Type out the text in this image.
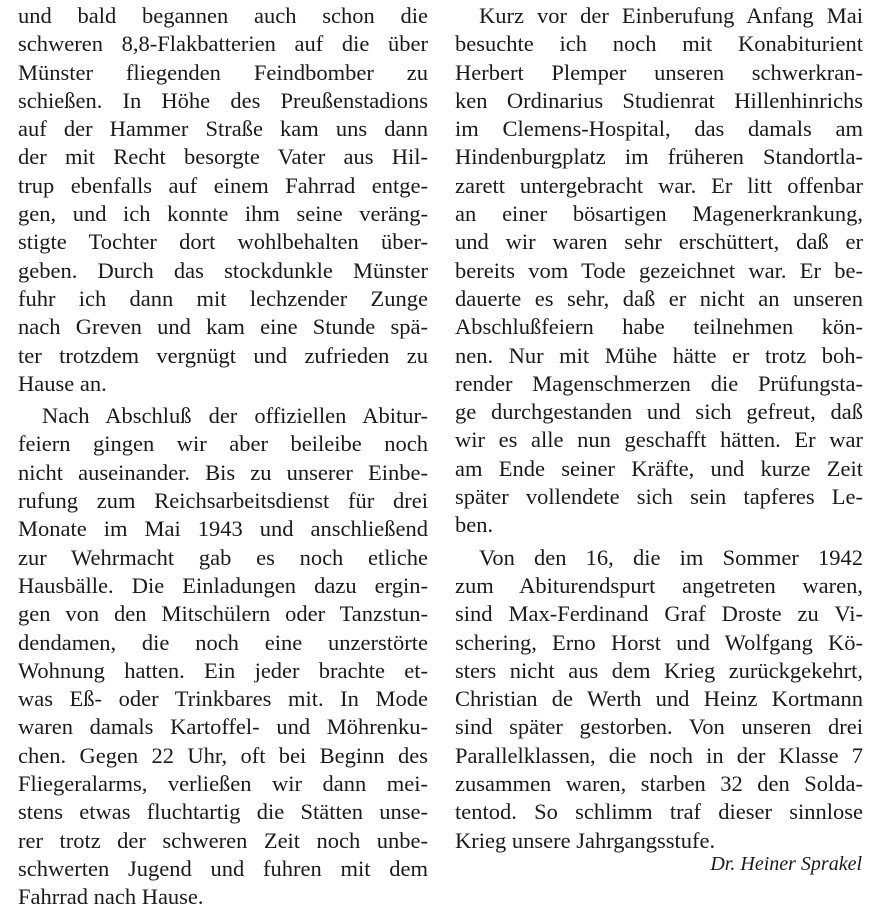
und bald begannen auch schon die
schweren 8,8-Flakbatterien auf die über
Münster fliegenden Feindbomber zu
schießen. In Höhe des Preußenstadions
auf der Hammer Straße kam uns dann
der mit Recht besorgte Vater aus Hil-
trup ebenfalls auf einem Fahrrad entge-
gen, und ich konnte ihm seine veräng-
stigte Tochter dort wohlbehalten über-
geben. Durch das stockdunkle Münster
fuhr ich dann mit lechzender Zunge
nach Greven und kam eine Stunde spä-
ter trotzdem vergnügt und zufrieden zu
Hause an.
Nach Abschluß der offiziellen Abitur-
feiern gingen wir aber beileibe noch
nicht auseinander. Bis zu unserer Einbe-
rufung zum Reichsarbeitsdienst für drei
Monate im Mai 1943 und anschließend
zur Wehrmacht gab es noch etliche
Hausbälle. Die Einladungen dazu ergin-
gen von den Mitschülern oder Tanzstun-
dendamen, die noch eine unzerstörte
Wohnung hatten. Ein jeder brachte et-
was Eß- oder Trinkbares mit. In Mode
waren damals Kartoffel- und Möhrenku-
chen. Gegen 22 Uhr, oft bei Beginn des
Fliegeralarms, verließen wir dann mei-
stens etwas fluchtartig die Stätten unse-
rer trotz der schweren Zeit noch unbe-
schwerten Jugend und fuhren mit dem
Fahrrad nach Hause.
Kurz vor der Einberufung Anfang Mai
besuchte ich noch mit Konabiturient
Herbert Plemper unseren schwerkran-
ken Ordinarius Studienrat Hillenhinrichs
im Clemens-Hospital, das damals am
Hindenburgplatz im früheren Standortla-
zarett untergebracht war. Er litt offenbar
an einer bösartigen Magenerkrankung,
und wir waren sehr erschüttert, daß er
bereits vom Tode gezeichnet war. Er be-
dauerte es sehr, daß er nicht an unseren
Abschlußfeiern habe teilnehmen kön-
nen. Nur mit Mühe hätte er trotz boh-
render Magenschmerzen die Prüfungsta-
ge durchgestanden und sich gefreut, daß
wir es alle nun geschafft hätten. Er war
am Ende seiner Kräfte, und kurze Zeit
später vollendete sich sein tapferes Le-
ben.
Von den 16, die im Sommer 1942
zum Abiturendspurt angetreten waren,
sind Max-Ferdinand Graf Droste zu Vi-
schering, Erno Horst und Wolfgang Kö-
sters nicht aus dem Krieg zurückgekehrt,
Christian de Werth und Heinz Kortmann
sind später gestorben. Von unseren drei
Parallelklassen, die noch in der Klasse 7
zusammen waren, starben 32 den Solda-
tentod. So schlimm traf dieser sinnlose
Krieg unsere Jahrgangsstufe.
Dr. Heiner Sprakel
